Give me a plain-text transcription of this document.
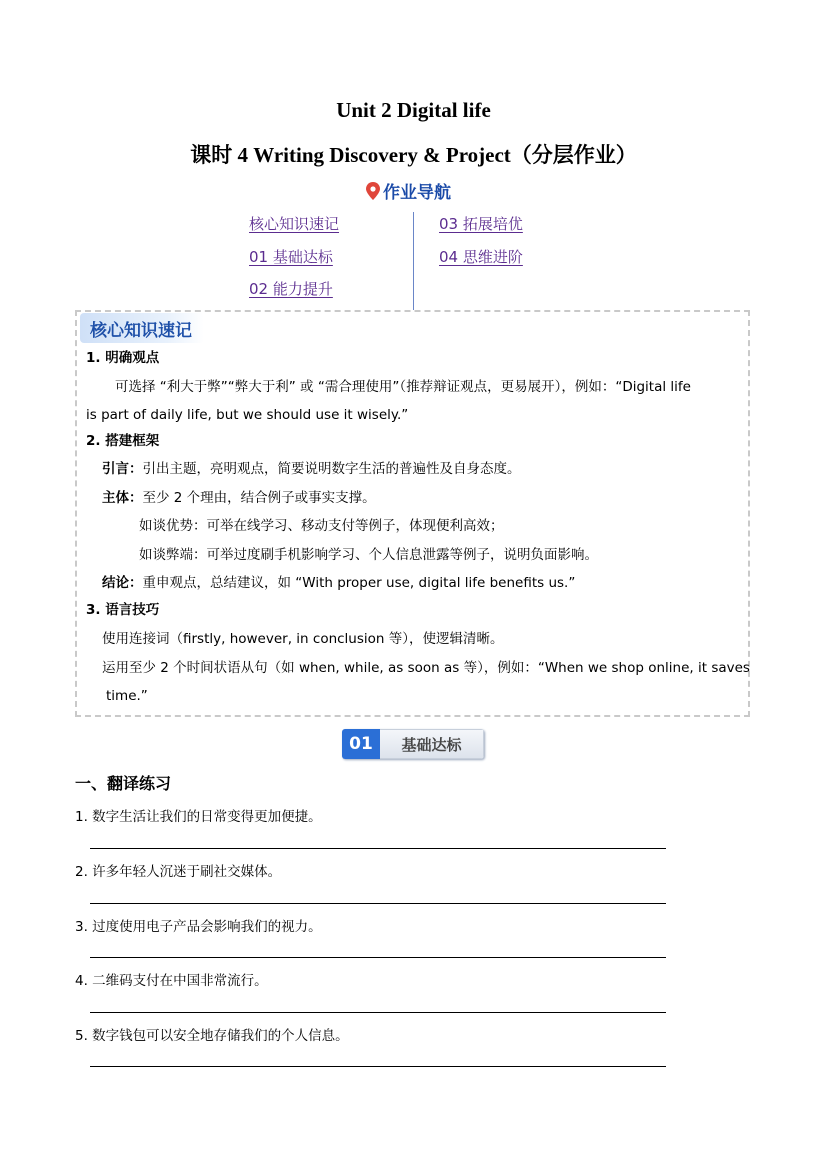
Unit 2 Digital life
课时 4 Writing Discovery & Project（分层作业）
作业导航
核心知识速记
01 基础达标
02 能力提升
03 拓展培优
04 思维进阶
核心知识速记
1. 明确观点
可选择 “利大于弊”“弊大于利” 或 “需合理使用”（推荐辩证观点，更易展开），例如：“Digital life
is part of daily life, but we should use it wisely.”
2. 搭建框架
引言：引出主题，亮明观点，简要说明数字生活的普遍性及自身态度。
主体：至少 2 个理由，结合例子或事实支撑。
如谈优势：可举在线学习、移动支付等例子，体现便利高效；
如谈弊端：可举过度刷手机影响学习、个人信息泄露等例子，说明负面影响。
结论：重申观点，总结建议，如 “With proper use, digital life benefits us.”
3. 语言技巧
使用连接词（firstly, however, in conclusion 等），使逻辑清晰。
运用至少 2 个时间状语从句（如 when, while, as soon as 等），例如：“When we shop online, it saves
time.”
01	基础达标
一、翻译练习
1. 数字生活让我们的日常变得更加便捷。
2. 许多年轻人沉迷于刷社交媒体。
3. 过度使用电子产品会影响我们的视力。
4. 二维码支付在中国非常流行。
5. 数字钱包可以安全地存储我们的个人信息。
